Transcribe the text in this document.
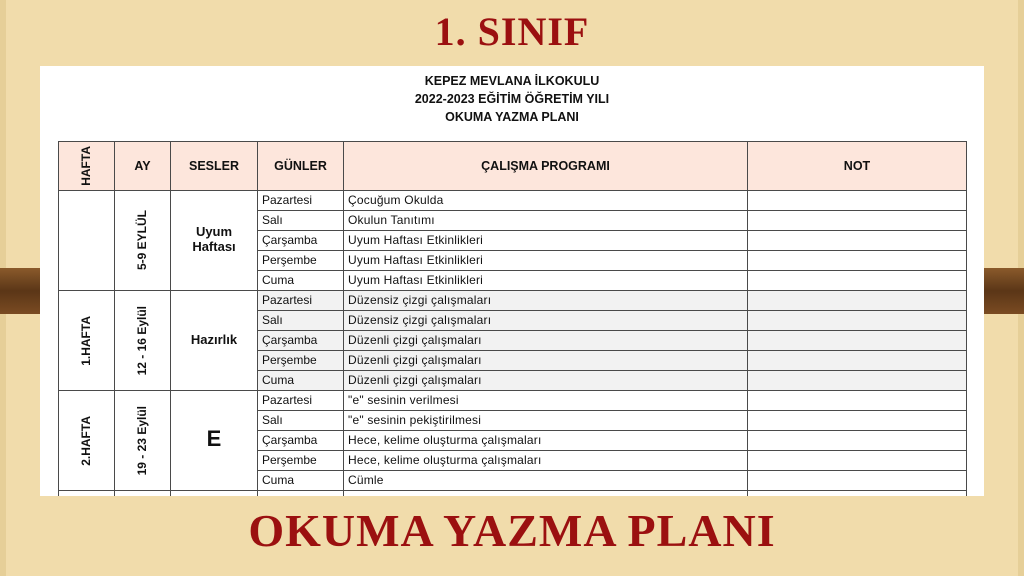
1. SINIF
KEPEZ MEVLANA İLKOKULU
2022-2023 EĞİTİM ÖĞRETİM YILI
OKUMA YAZMA PLANI
HAFTA	AY	SESLER	GÜNLER	ÇALIŞMA PROGRAMI	NOT

	5-9 EYLÜL	Uyum Haftası	Pazartesi	Çocuğum Okulda	
			Salı	Okulun Tanıtımı	
			Çarşamba	Uyum Haftası Etkinlikleri	
			Perşembe	Uyum Haftası Etkinlikleri	
			Cuma	Uyum Haftası Etkinlikleri	

1.HAFTA	12 - 16 Eylül	Hazırlık	Pazartesi	Düzensiz çizgi çalışmaları	
			Salı	Düzensiz çizgi çalışmaları	
			Çarşamba	Düzenli çizgi çalışmaları	
			Perşembe	Düzenli çizgi çalışmaları	
			Cuma	Düzenli çizgi çalışmaları	

2.HAFTA	19 - 23 Eylül	E	Pazartesi	"e" sesinin verilmesi	
			Salı	"e" sesinin pekiştirilmesi	
			Çarşamba	Hece, kelime oluşturma çalışmaları	
			Perşembe	Hece, kelime oluşturma çalışmaları	
			Cuma	Cümle	

OKUMA YAZMA PLANI
